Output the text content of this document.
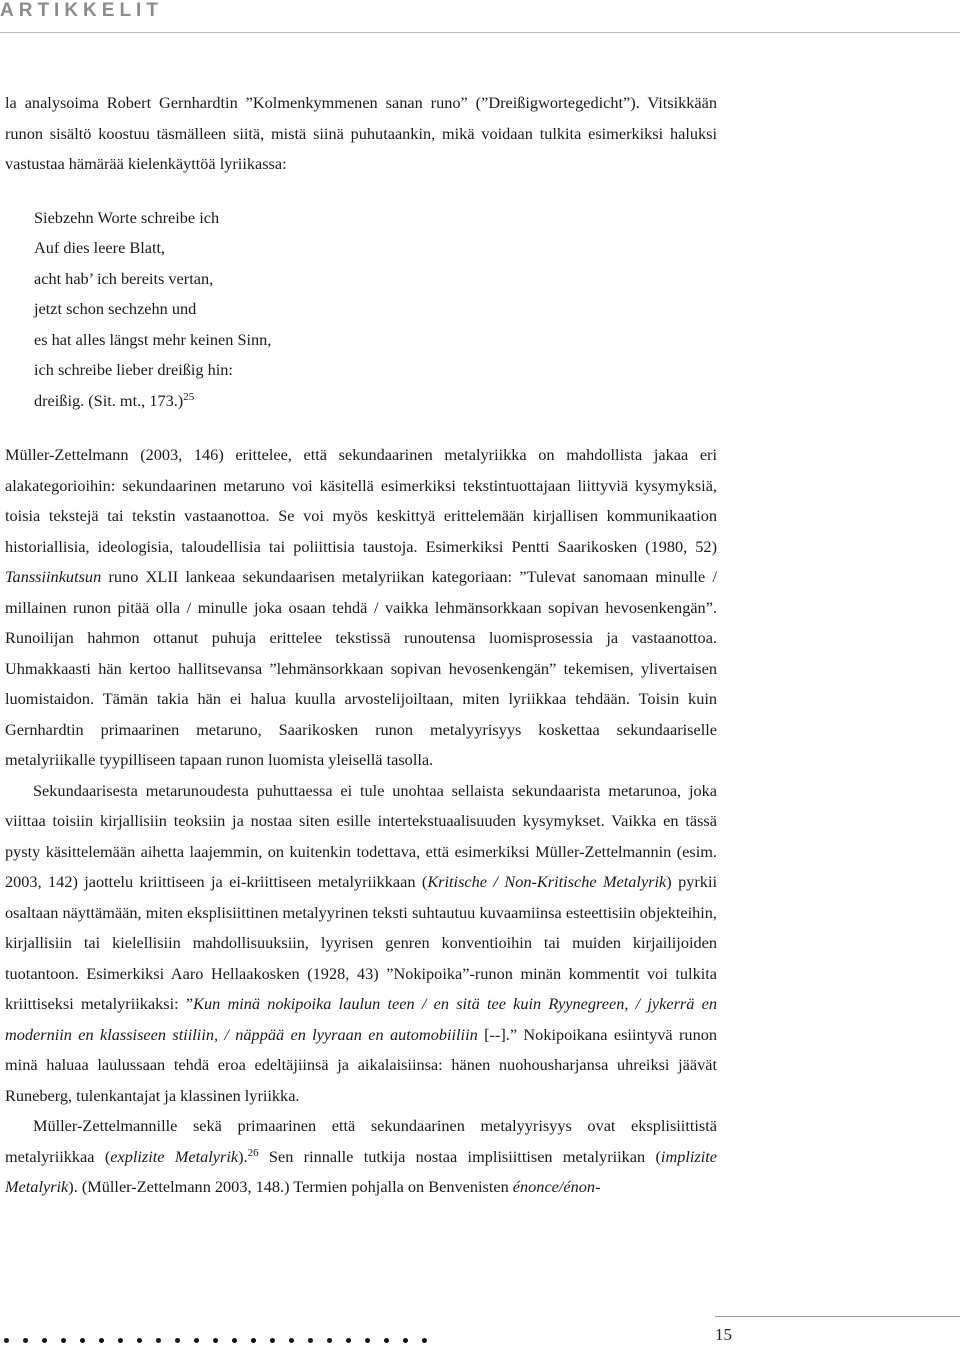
ARTIKKELIT

la analysoima Robert Gernhardtin ”Kolmenkymmenen sanan runo” (”Dreißigwortegedicht”). Vitsikkään runon sisältö koostuu täsmälleen siitä, mistä siinä puhutaankin, mikä voidaan tulkita esimerkiksi haluksi vastustaa hämärää kielenkäyttöä lyriikassa:

Siebzehn Worte schreibe ich
Auf dies leere Blatt,
acht hab’ ich bereits vertan,
jetzt schon sechzehn und
es hat alles längst mehr keinen Sinn,
ich schreibe lieber dreißig hin:
dreißig. (Sit. mt., 173.)$^{25}$

Müller-Zettelmann (2003, 146) erittelee, että sekundaarinen metalyriikka on mahdollista jakaa eri alakategorioihin: sekundaarinen metaruno voi käsitellä esimerkiksi tekstintuottajaan liittyviä kysymyksiä, toisia tekstejä tai tekstin vastaanottoa. Se voi myös keskittyä erittelemään kirjallisen kommunikaation historiallisia, ideologisia, taloudellisia tai poliittisia taustoja. Esimerkiksi Pentti Saarikosken (1980, 52) Tanssiinkutsun runo XLII lankeaa sekundaarisen metalyriikan kategoriaan: ”Tulevat sanomaan minulle / millainen runon pitää olla / minulle joka osaan tehdä / vaikka lehmänsorkkaan sopivan hevosenkengän”. Runoilijan hahmon ottanut puhuja erittelee tekstissä runoutensa luomisprosessia ja vastaanottoa. Uhmakkaasti hän kertoo hallitsevansa ”lehmänsorkkaan sopivan hevosenkengän” tekemisen, ylivertaisen luomistaidon. Tämän takia hän ei halua kuulla arvostelijoiltaan, miten lyriikkaa tehdään. Toisin kuin Gernhardtin primaarinen metaruno, Saarikosken runon metalyyrisyys koskettaa sekundaariselle metalyriikalle tyypilliseen tapaan runon luomista yleisellä tasolla.

Sekundaarisesta metarunoudesta puhuttaessa ei tule unohtaa sellaista sekundaarista metarunoa, joka viittaa toisiin kirjallisiin teoksiin ja nostaa siten esille intertekstuaalisuuden kysymykset. Vaikka en tässä pysty käsittelemään aihetta laajemmin, on kuitenkin todettava, että esimerkiksi Müller-Zettelmannin (esim. 2003, 142) jaottelu kriittiseen ja ei-kriittiseen metalyriikkaan (Kritische / Non-Kritische Metalyrik) pyrkii osaltaan näyttämään, miten eksplisiittinen metalyyrinen teksti suhtautuu kuvaamiinsa esteettisiin objekteihin, kirjallisiin tai kielellisiin mahdollisuuksiin, lyyrisen genren konventioihin tai muiden kirjailijoiden tuotantoon. Esimerkiksi Aaro Hellaakosken (1928, 43) ”Nokipoika”-runon minän kommentit voi tulkita kriittiseksi metalyriikaksi: ”Kun minä nokipoika laulun teen / en sitä tee kuin Ryynegreen, / jykerrä en moderniin en klassiseen stiiliin, / näppää en lyyraan en automobiiliin [--].” Nokipoikana esiintyvä runon minä haluaa laulussaan tehdä eroa edeltäjiinsä ja aikalaisiinsa: hänen nuohousharjansa uhreiksi jäävät Runeberg, tulenkantajat ja klassinen lyriikka.

Müller-Zettelmannille sekä primaarinen että sekundaarinen metalyyrisyys ovat eksplisiittistä metalyriikkaa (explizite Metalyrik).$^{26}$ Sen rinnalle tutkija nostaa implisiittisen metalyriikan (implizite Metalyrik). (Müller-Zettelmann 2003, 148.) Termien pohjalla on Benvenisten énonce/énon-

15
